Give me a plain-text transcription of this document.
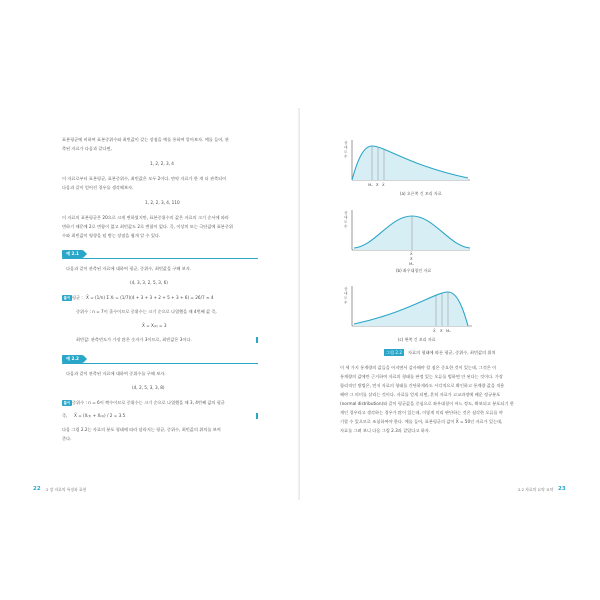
표본평균에 비하여 표본중위수와 최빈값이 갖는 장점을 예를 통하여 알아보자. 예를 들어, 관
측된 자료가 다음과 같다면,
1, 2, 2, 3, 4
이 자료로부터 표본평균, 표본중위수, 최빈값은 모두 2이다. 만약 자료가 한 개 더 관측되어
다음과 같이 얻어진 경우를 생각해보자.
1, 2, 2, 3, 4, 110
이 자료의 표본평균은 20으로 크게 변하였지만, 표본중위수의 값은 자료의 크기 순서에 따라
변하기 때문에 2로 변함이 없고 최빈값도 2로 변함이 없다. 즉, 이상치 또는 극단값에 표본중위
수와 최빈값이 영향을 덜 받는 장점을 쉽게 알 수 있다.
예 2.1
다음과 같이 관측된 자료에 대하여 평균, 중위수, 최빈값을 구해 보자.
(4, 3, 3, 2, 5, 3, 6)
풀이 평균 : X̄ = (1/n) Σ Xᵢ = (1/7)(4 + 3 + 3 + 2 + 5 + 3 + 6) = 26/7 ≈ 4
중위수 : n = 7이 홀수이므로 중위수는 크기 순으로 나열했을 때 4번째 값 즉,
X̃ = X₍₄₎ = 3
최빈값: 관측빈도가 가장 많은 숫자가 3이므로, 최빈값은 3이다.
예 2.2
다음과 같이 관측된 자료에 대하여 중위수를 구해 보자.
(4, 2, 5, 3, 3, 8)
풀이 중위수 : n = 6이 짝수이므로 중위수는 크기 순으로 나열했을 때 3, 4번째 값의 평균
즉, X̃ = (X₍₃₎ + X₍₄₎) / 2 = 3.5
다음 그림 2.2는 자료의 분포 형태에 따라 달라지는 평균, 중위수, 최빈값의 위치를 보여
준다.
22 2 장 자료의 특징과 표현
상 대 도 수
Mₒ X̃ X̄
(a) 오른쪽 긴 꼬리 자료
상 대 도 수
X̄
X̃
Mₒ
(b) 좌우대칭인 자료
상 대 도 수
X̄ X̃ Mₒ
(c) 왼쪽 긴 꼬리 자료
그림 2.2	자료의 형태에 따른 평균, 중위수, 최빈값의 위치
이 세 가지 통계량의 값들을 어지면서 감사해야 할 점은 중요한 것이 있는데, 그것은 이
통계량의 값에만 근거하여 자료의 형태를 판정 있는 오류를 범하면 안 된다는 것이다. 가장
합리적인 방법은, 먼저 자료의 형태를 간단하게라도 시각적으로 확인하고 통계량 값을 적용
해야 그 의미를 살리는 것이다. 자료를 얻게 되면, 흔히 자료가 고교과정에 배운 정규분포
(normal distribution)와 같이 평균값을 중심으로 좌우대칭이 어느 정도, 확보되고 분포되기 한
계인 경우라고 생각하는 경우가 많이 있는데, 이렇게 미리 판단하는 것은 심각한 오류를 야
기할 수 있으므로 조심하여야 한다. 예를 들어, 표본평균의 값이 X̄ = 50인 자료가 있는데,
자료를 그려 보니 다음 그림 2.3과 같았다고 하자.
2.2 자료의 요약 요약 23
